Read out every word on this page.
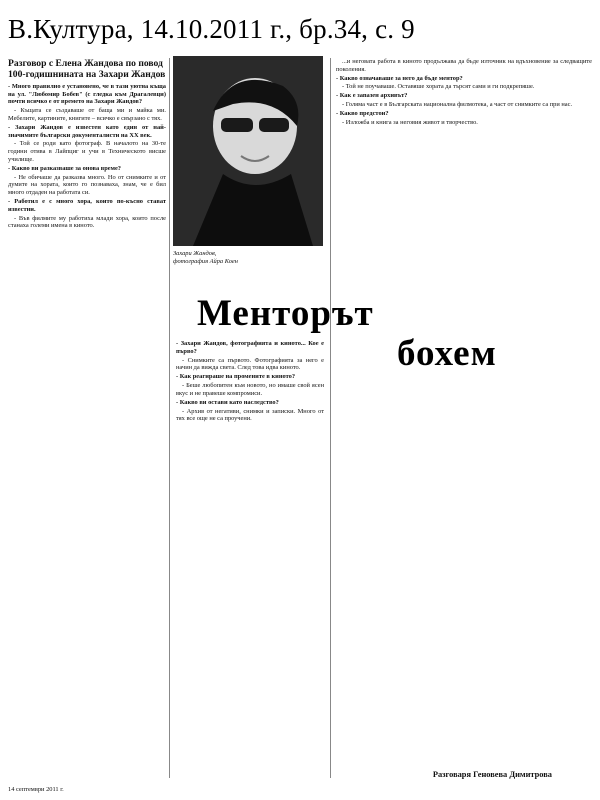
В.Култура, 14.10.2011 г., бр.34, с. 9
Разговор с Елена Жандова по повод 100-годишнината на Захари Жандов

- Много правилно е установено, че в тази уютна къща на ул. "Любомир Бобев" (с гледка към Драгалевци) почти всичко е от времето на Захари Жандов?

- Къщата се създаваше от баща ми и майка ми. Мебелите, картините, книгите – всичко е свързано с тях.

- Захари Жандов е известен като един от най-значимите български документалисти на ХХ век.

- Той се роди като фотограф. В началото на 30-те години отива в Лайпциг и учи в Техническото висше училище.

- Какво ви разказваше за онова време?

- Не обичаше да разказва много. Но от снимките и от думите на хората, които го познаваха, знам, че е бил много отдаден на работата си.

- Работил е с много хора, които по-късно стават известни.

- Във филмите му работиха млади хора, които после станаха големи имена в киното.

Захари Жандов, фотография Айра Коен

- Захари Жандов, фотографията и киното... Кое е първо?

- Снимките са първото. Фотографията за него е начин да вижда света. След това идва киното.

- Как реагираше на промените в киното?

- Беше любопитен към новото, но имаше свой ясен вкус и не правеше компромиси.

- Какво ви остави като наследство?

- Архив от негативи, снимки и записки. Много от тях все още не са проучени.

...и неговата работа в киното продължава да бъде източник на вдъхновение за следващите поколения.

- Какво означаваше за него да бъде ментор?

- Той не поучаваше. Оставяше хората да търсят сами и ги подкрепяше.

- Как е запазен архивът?

- Голяма част е в Българската национална филмотека, а част от снимките са при нас.

- Какво предстои?

- Изложба и книга за неговия живот и творчество.

Менторът
бохем
Разговаря Геновева Димитрова
14 септември 2011 г.
